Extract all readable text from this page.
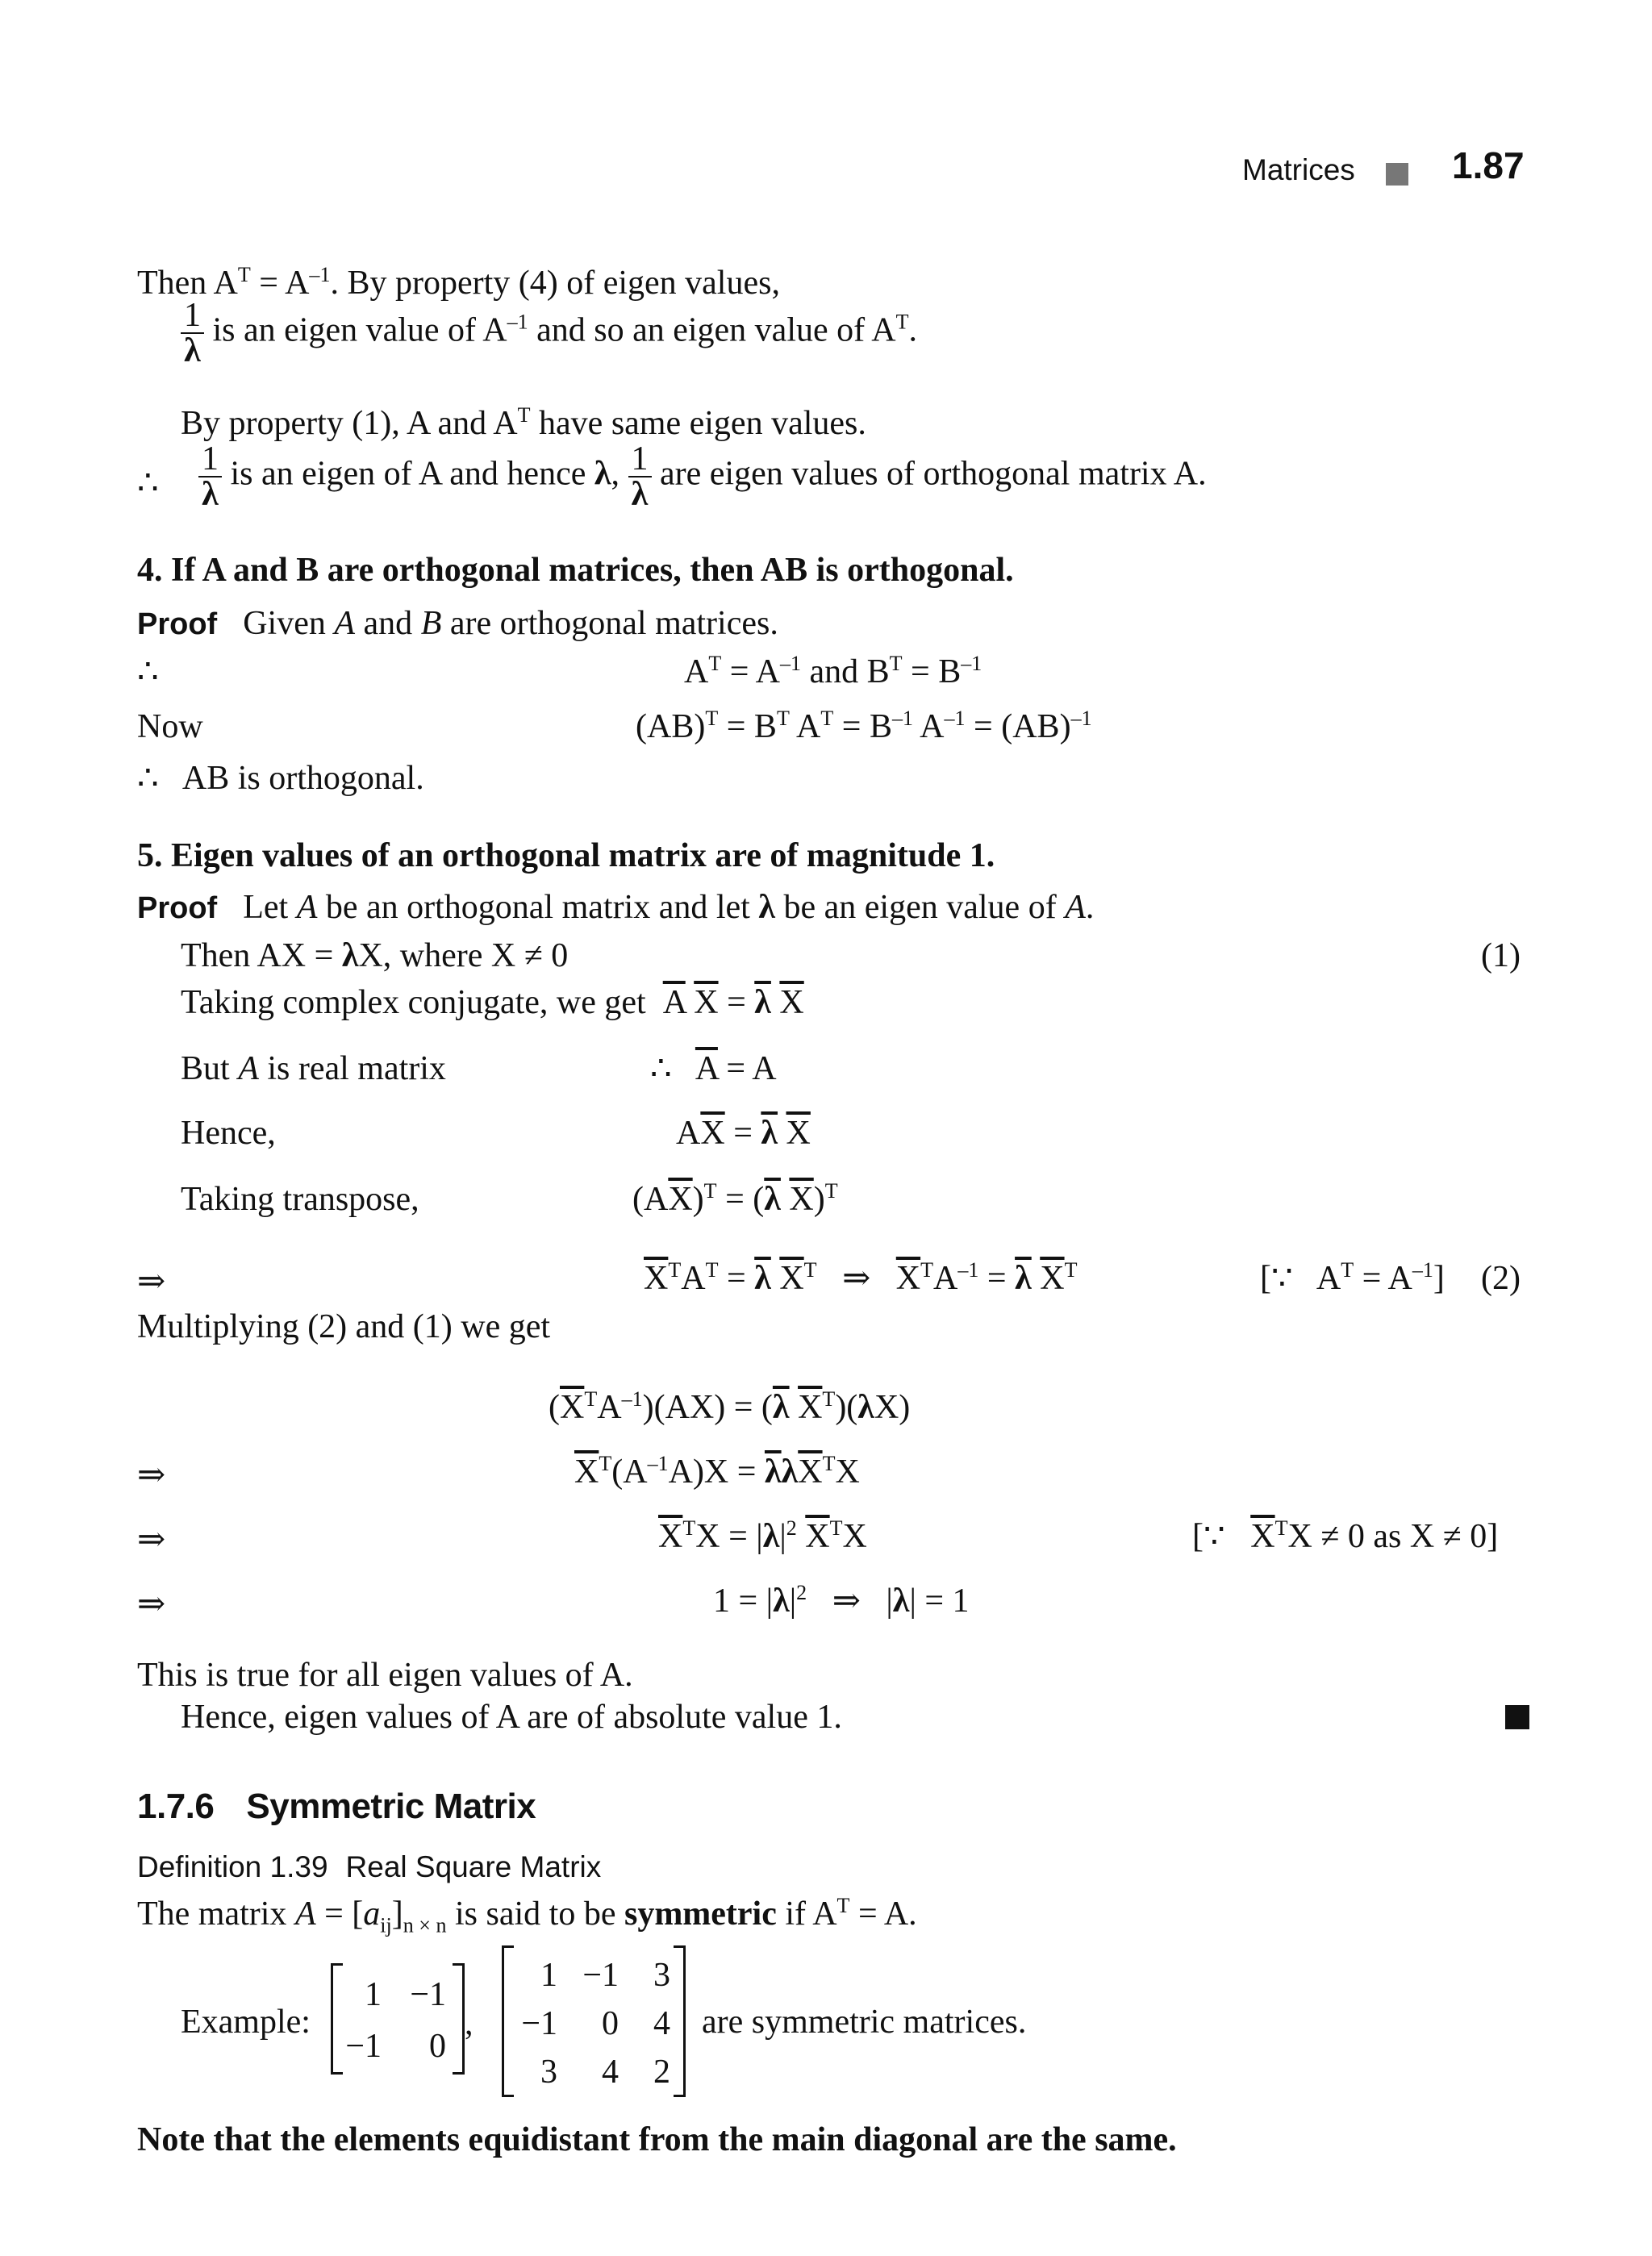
Matrices	1.87
Then $A^T = A^{-1}$. By property (4) of eigen values,
$\frac{1}{\lambda}$ is an eigen value of $A^{-1}$ and so an eigen value of $A^T$.
By property (1), A and $A^T$ have same eigen values.
∴ $\frac{1}{\lambda}$ is an eigen of A and hence λ, $\frac{1}{\lambda}$ are eigen values of orthogonal matrix A.
4. If A and B are orthogonal matrices, then AB is orthogonal.
Proof Given A and B are orthogonal matrices.
∴	$A^T = A^{-1}$ and $B^T = B^{-1}$
Now	$(AB)^T = B^T$ $A^T = B^{-1}$ $A^{-1} = (AB)^{-1}$
∴   AB is orthogonal.
5. Eigen values of an orthogonal matrix are of magnitude 1.
Proof Let A be an orthogonal matrix and let λ be an eigen value of A.
Then AX = λX, where X ≠ 0	(1)
Taking complex conjugate, we get $\overline{A}$ $\overline{X} = \overline{\lambda}$ $\overline{X}$
But A is real matrix	∴   $\overline{A} = A$
Hence,	$A\overline{X} = \overline{\lambda}$ $\overline{X}$
Taking transpose,	$(A\overline{X})^T = (\overline{\lambda}$ $\overline{X})^T$
⇒	$\overline{X}^TA^T = \overline{\lambda}$ $\overline{X}^T$   ⇒   $\overline{X}^TA^{-1} = \overline{\lambda}$ $\overline{X}^T$	[∵   $A^T = A^{-1}$] (2)
Multiplying (2) and (1) we get
$(\overline{X}^TA^{-1})(AX) = (\overline{\lambda}$ $\overline{X}^T)(\lambda X)$
⇒	$\overline{X}^T(A^{-1}A)X = \overline{\lambda}\lambda\overline{X}^TX$
⇒	$\overline{X}^TX = |\lambda|^2$ $\overline{X}^TX$	[∵   $\overline{X}^TX \ne 0$ as X ≠ 0]
⇒	$1 = |\lambda|^2$   ⇒   |λ| = 1
This is true for all eigen values of A.
Hence, eigen values of A are of absolute value 1.
1.7.6 Symmetric Matrix
Definition 1.39 Real Square Matrix
The matrix $A = [a_{ij}]_{n \times n}$ is said to be symmetric if $A^T = A$.
Example:
1 −1
−1	0
,
1 −1	3
−1	0	4
3	4	2
are symmetric matrices.
Note that the elements equidistant from the main diagonal are the same.
